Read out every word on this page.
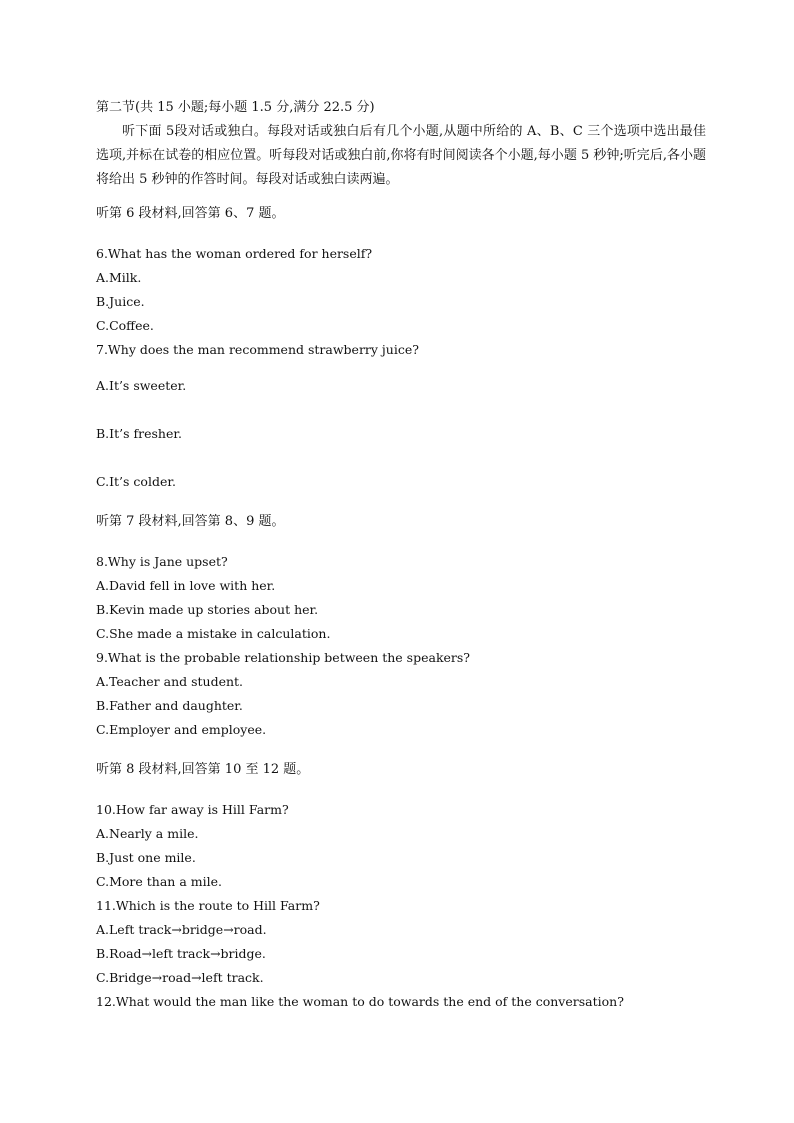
第二节(共 15 小题;每小题 1.5 分,满分 22.5 分)

听下面 5段对话或独白。每段对话或独白后有几个小题,从题中所给的 A、B、C 三个选项中选出最佳选项,并标在试卷的相应位置。听每段对话或独白前,你将有时间阅读各个小题,每小题 5 秒钟;听完后,各小题将给出 5 秒钟的作答时间。每段对话或独白读两遍。

听第 6 段材料,回答第 6、7 题。

6.What has the woman ordered for herself?

A.Milk.

B.Juice.

C.Coffee.

7.Why does the man recommend strawberry juice?

A.It’s sweeter.

B.It’s fresher.

C.It’s colder.

听第 7 段材料,回答第 8、9 题。

8.Why is Jane upset?

A.David fell in love with her.

B.Kevin made up stories about her.

C.She made a mistake in calculation.

9.What is the probable relationship between the speakers?

A.Teacher and student.

B.Father and daughter.

C.Employer and employee.

听第 8 段材料,回答第 10 至 12 题。

10.How far away is Hill Farm?

A.Nearly a mile.

B.Just one mile.

C.More than a mile.

11.Which is the route to Hill Farm?

A.Left track→bridge→road.

B.Road→left track→bridge.

C.Bridge→road→left track.

12.What would the man like the woman to do towards the end of the conversation?
